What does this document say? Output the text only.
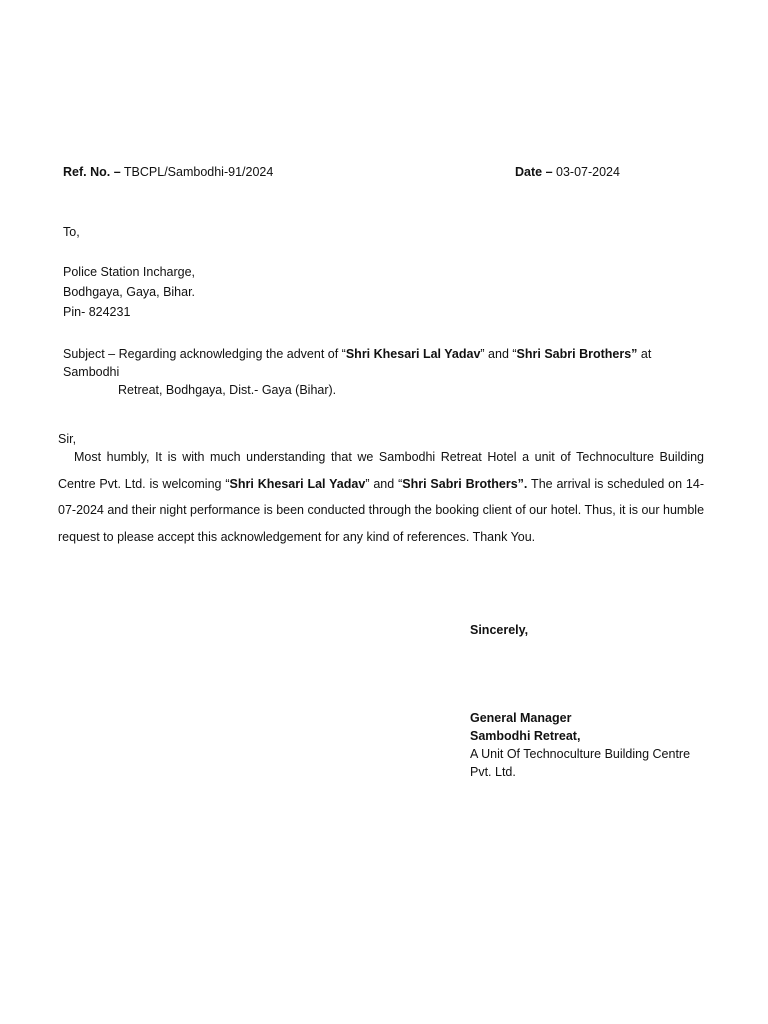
Ref. No. – TBCPL/Sambodhi-91/2024	Date – 03-07-2024
To,
Police Station Incharge,
Bodhgaya, Gaya, Bihar.
Pin- 824231
Subject – Regarding acknowledging the advent of “Shri Khesari Lal Yadav” and “Shri Sabri Brothers” at Sambodhi
Retreat, Bodhgaya, Dist.- Gaya (Bihar).
Sir,
Most humbly, It is with much understanding that we Sambodhi Retreat Hotel a unit of Technoculture Building Centre Pvt. Ltd. is welcoming “Shri Khesari Lal Yadav” and “Shri Sabri Brothers”. The arrival is scheduled on 14-07-2024 and their night performance is been conducted through the booking client of our hotel. Thus, it is our humble request to please accept this acknowledgement for any kind of references. Thank You.
Sincerely,
General Manager
Sambodhi Retreat,
A Unit Of Technoculture Building Centre
Pvt. Ltd.
